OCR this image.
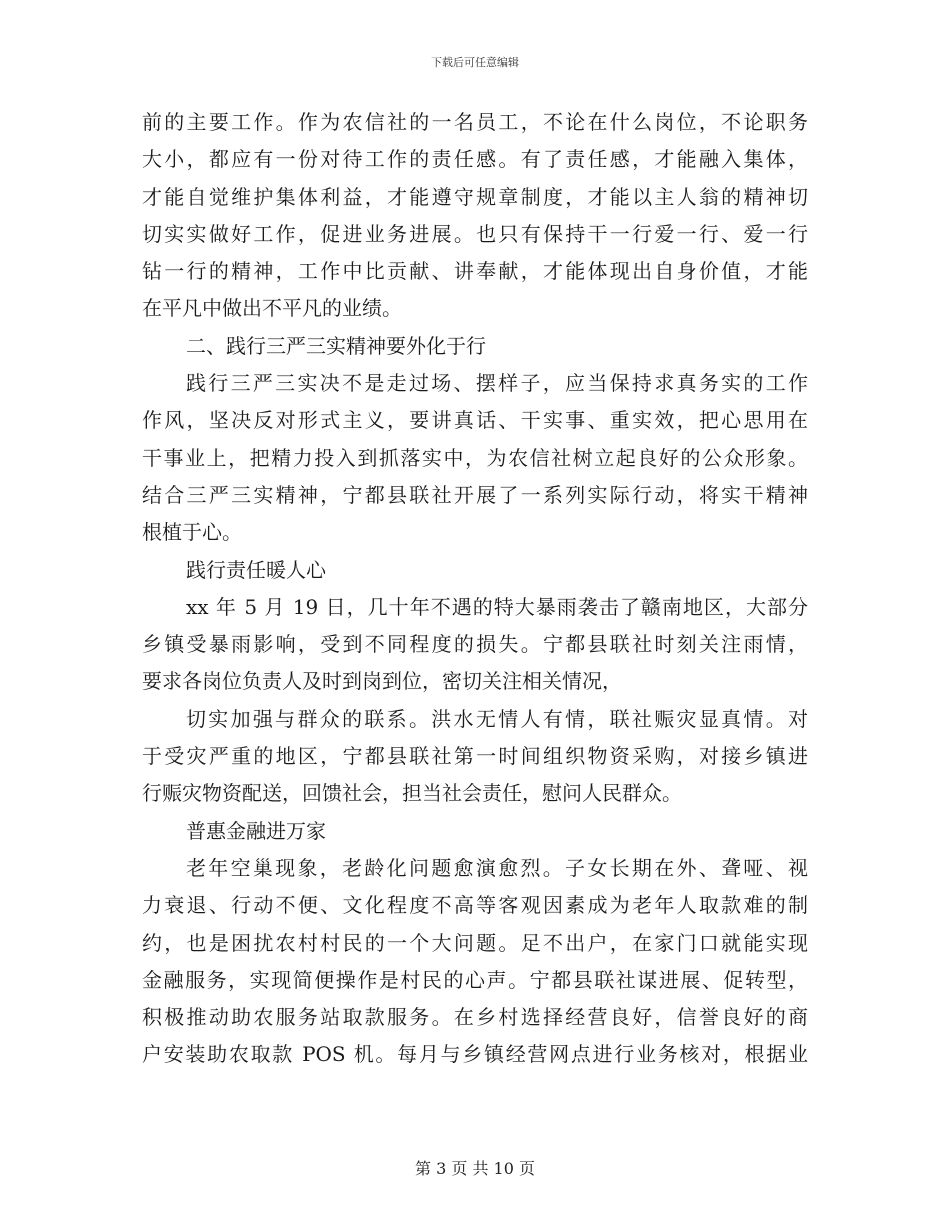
下载后可任意编辑
前的主要工作。作为农信社的一名员工，不论在什么岗位，不论职务
大小，都应有一份对待工作的责任感。有了责任感，才能融入集体，
才能自觉维护集体利益，才能遵守规章制度，才能以主人翁的精神切
切实实做好工作，促进业务进展。也只有保持干一行爱一行、爱一行
钻一行的精神，工作中比贡献、讲奉献，才能体现出自身价值，才能
在平凡中做出不平凡的业绩。
二、践行三严三实精神要外化于行
践行三严三实决不是走过场、摆样子，应当保持求真务实的工作
作风，坚决反对形式主义，要讲真话、干实事、重实效，把心思用在
干事业上，把精力投入到抓落实中，为农信社树立起良好的公众形象。
结合三严三实精神，宁都县联社开展了一系列实际行动，将实干精神
根植于心。
践行责任暖人心
xx 年 5 月 19 日，几十年不遇的特大暴雨袭击了赣南地区，大部分
乡镇受暴雨影响，受到不同程度的损失。宁都县联社时刻关注雨情，
要求各岗位负责人及时到岗到位，密切关注相关情况，
切实加强与群众的联系。洪水无情人有情，联社赈灾显真情。对
于受灾严重的地区，宁都县联社第一时间组织物资采购，对接乡镇进
行赈灾物资配送，回馈社会，担当社会责任，慰问人民群众。
普惠金融进万家
老年空巢现象，老龄化问题愈演愈烈。子女长期在外、聋哑、视
力衰退、行动不便、文化程度不高等客观因素成为老年人取款难的制
约，也是困扰农村村民的一个大问题。足不出户，在家门口就能实现
金融服务，实现简便操作是村民的心声。宁都县联社谋进展、促转型，
积极推动助农服务站取款服务。在乡村选择经营良好，信誉良好的商
户安装助农取款 POS 机。每月与乡镇经营网点进行业务核对，根据业
第 3 页 共 10 页
